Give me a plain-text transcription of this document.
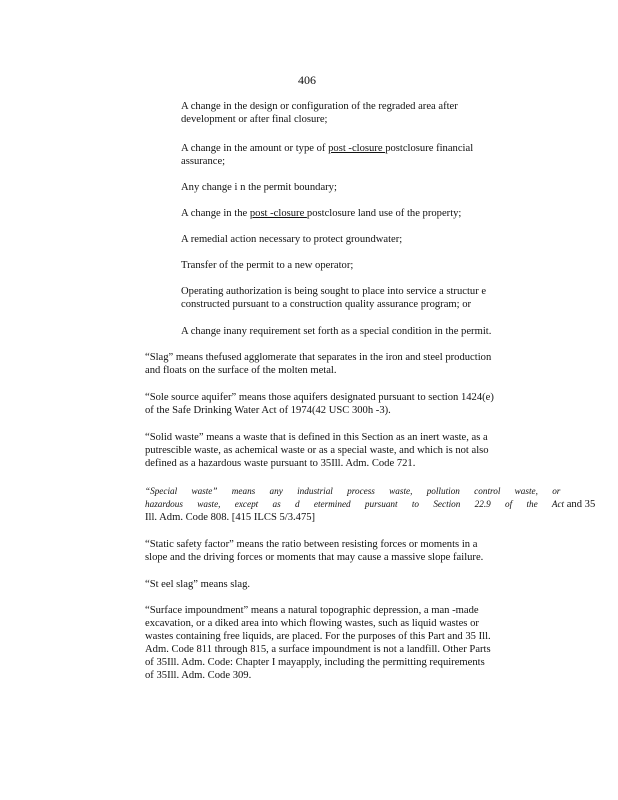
406
A change in the design or configuration of the regraded area after
development or after final closure;
A change in the amount or type of post -closure postclosure financial
assurance;
Any change i n the permit boundary;
A change in the post -closure postclosure land use of the property;
A remedial action necessary to protect groundwater;
Transfer of the permit to a new operator;
Operating authorization is being sought to place into service a structur e
constructed pursuant to a construction quality assurance program; or
A change inany requirement set forth as a special condition in the permit.
“Slag” means thefused agglomerate that separates in the iron and steel production
and floats on the surface of the molten metal.
“Sole source aquifer” means those aquifers designated pursuant to section 1424(e)
of the Safe Drinking Water Act of 1974(42 USC 300h -3).
“Solid waste” means a waste that is defined in this Section as an inert waste, as a
putrescible waste, as achemical waste or as a special waste, and which is not also
defined as a hazardous waste pursuant to 35Ill. Adm. Code 721.
“Special waste” means any industrial process waste, pollution control waste, or
hazardous waste, except as d etermined pursuant to Section 22.9 of the Act and 35
Ill. Adm. Code 808. [415 ILCS 5/3.475]
“Static safety factor” means the ratio between resisting forces or moments in a
slope and the driving forces or moments that may cause a massive slope failure.
“St eel slag” means slag.
“Surface impoundment” means a natural topographic depression, a man -made
excavation, or a diked area into which flowing wastes, such as liquid wastes or
wastes containing free liquids, are placed. For the purposes of this Part and 35 Ill.
Adm. Code 811 through 815, a surface impoundment is not a landfill. Other Parts
of 35Ill. Adm. Code: Chapter I mayapply, including the permitting requirements
of 35Ill. Adm. Code 309.
